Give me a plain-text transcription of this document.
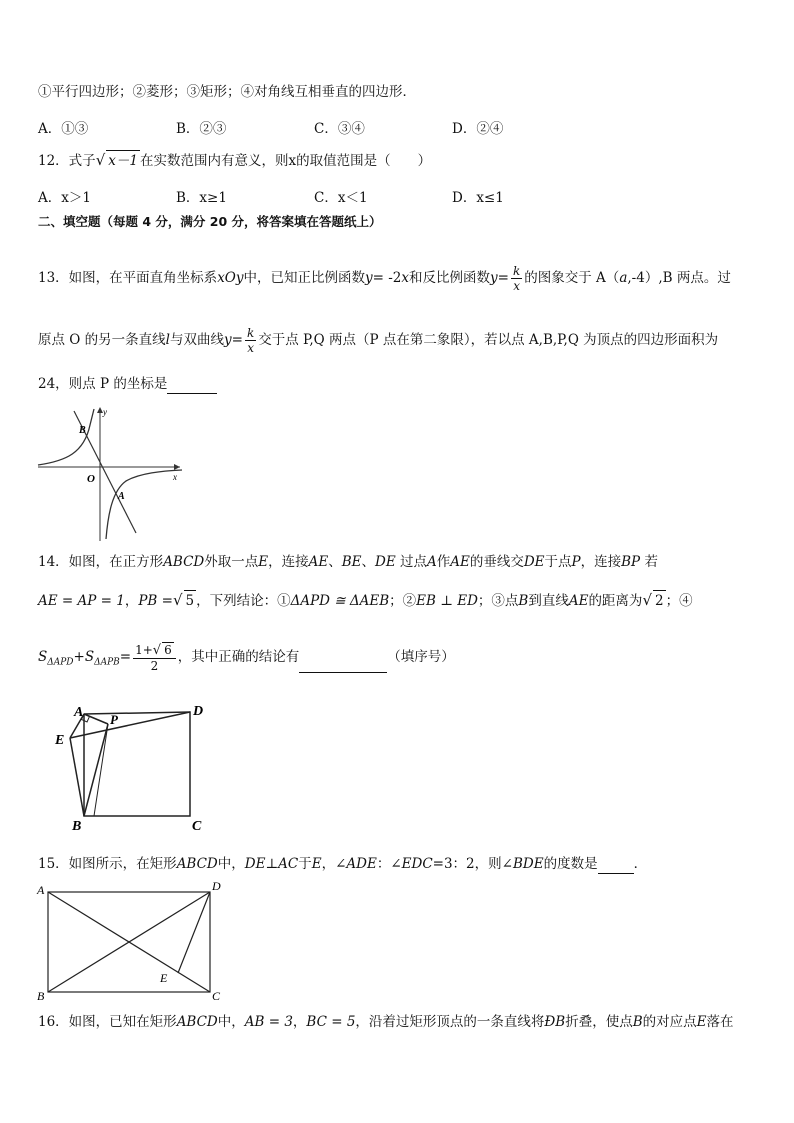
①平行四边形；②菱形；③矩形；④对角线互相垂直的四边形．
A．①③	B．②③	C．③④	D．②④
12．式子√ x－1 在实数范围内有意义，则x的取值范围是（　　）
A．x＞1	B．x≥1	C．x＜1	D．x≤1
二、填空题（每题 4 分，满分 20 分，将答案填在答题纸上）
13．如图，在平面直角坐标系xOy中，已知正比例函数y= -2x和反比例函数$y= \frac{k}{x}$ 的图象交于 A（a,-4）,B 两点。过
原点 O 的另一条直线l与双曲线$y= \frac{k}{x}$ 交于点 P,Q 两点（P 点在第二象限），若以点 A,B,P,Q 为顶点的四边形面积为
24，则点 P 的坐标是
y
x
O
B
A
14．如图，在正方形ABCD外取一点E，连接AE、BE、DE 过点A作AE的垂线交DE于点P，连接BP 若
AE = AP = 1，PB =√ 5 ，下列结论：①ΔAPD ≅ ΔAEB；②EB ⊥ ED；③点B到直线AE的距离为√ 2 ；④
$S_{\Delta APD}+S_{\Delta APB}= \frac{1+√ 6}{2}$ ，其中正确的结论有	（填序号）
A P
D
E
B	C
15．如图所示，在矩形ABCD中，DE⊥AC于E，∠ADE：∠EDC=3：2，则∠BDE的度数是	．
A	D
B	C
E
16．如图，已知在矩形ABCD中，AB = 3，BC = 5，沿着过矩形顶点的一条直线将ÐB折叠，使点B的对应点E落在
